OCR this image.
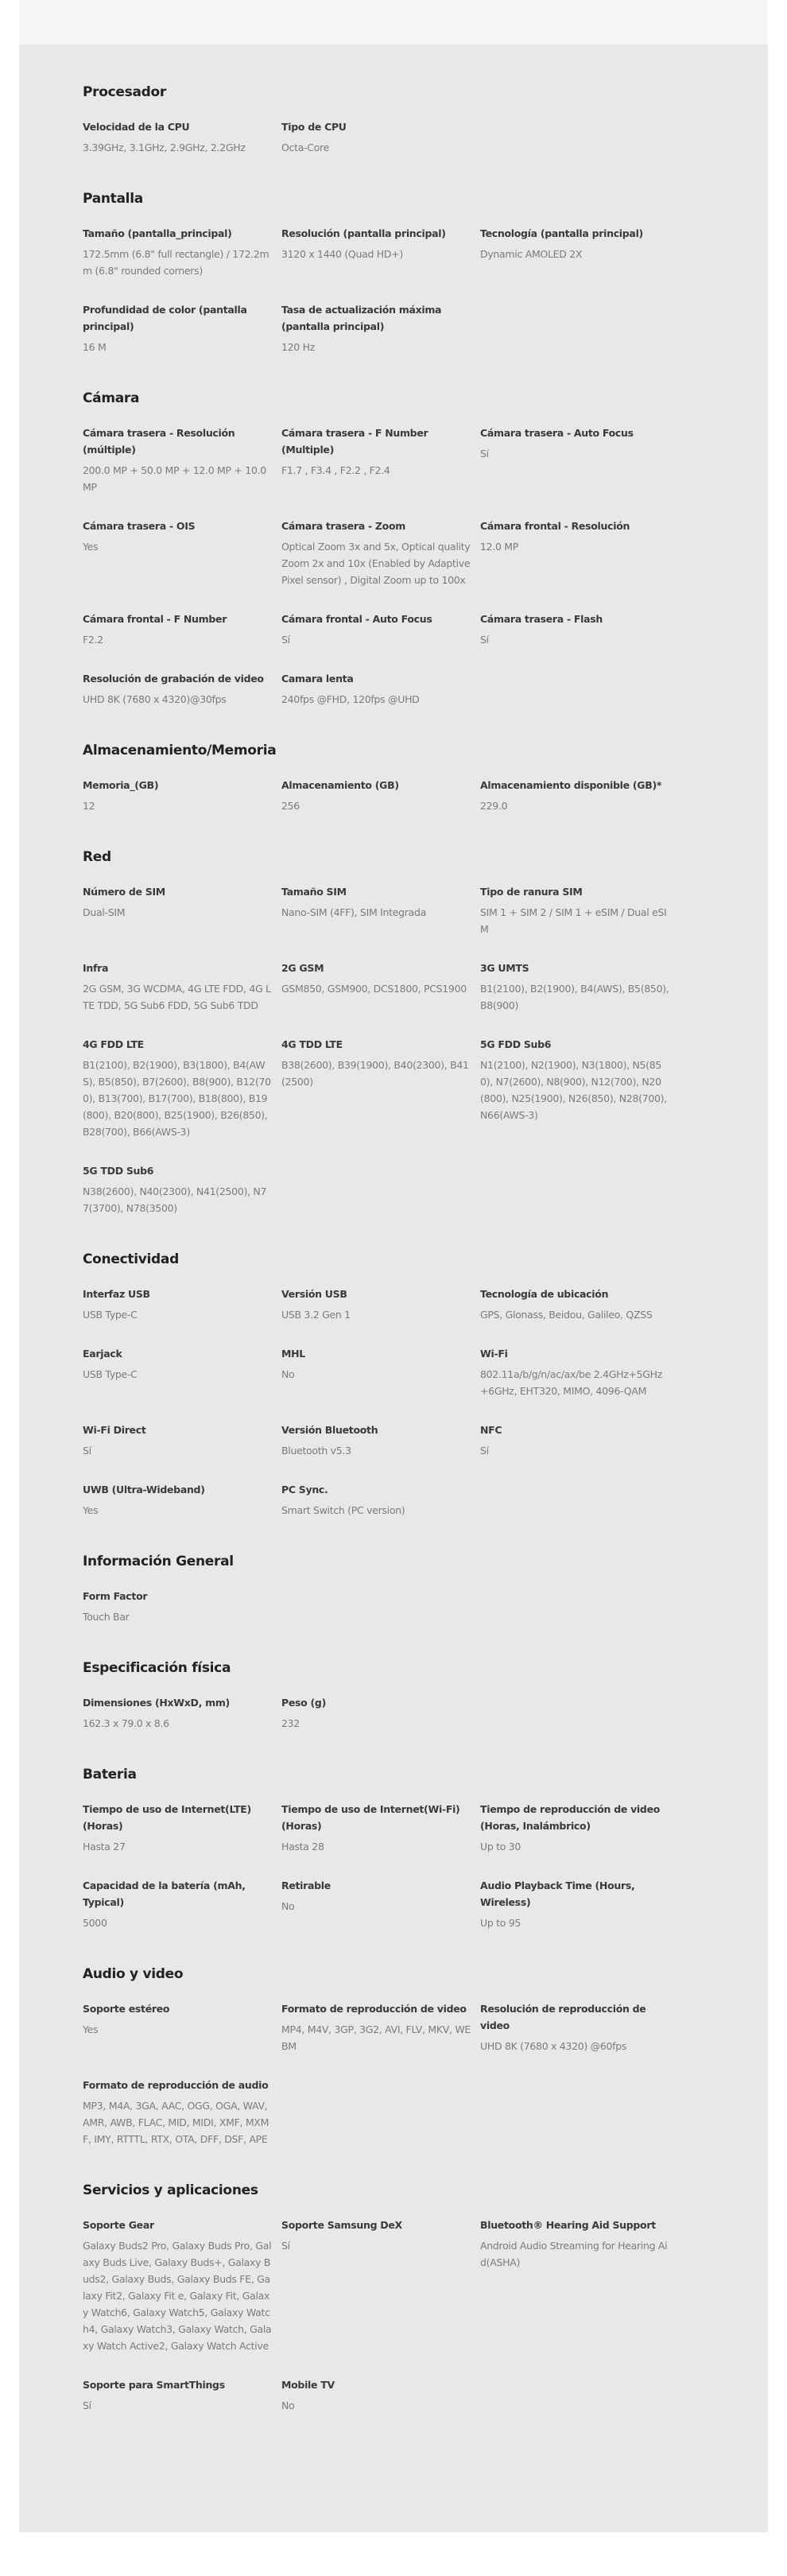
Procesador
Velocidad de la CPU
3.39GHz, 3.1GHz, 2.9GHz, 2.2GHz
Tipo de CPU
Octa-Core
Pantalla
Tamaño (pantalla_principal)
172.5mm (6.8" full rectangle) / 172.2mm (6.8" rounded corners)
Resolución (pantalla principal)
3120 x 1440 (Quad HD+)
Tecnología (pantalla principal)
Dynamic AMOLED 2X
Profundidad de color (pantalla principal)
16 M
Tasa de actualización máxima (pantalla principal)
120 Hz
Cámara
Cámara trasera - Resolución (múltiple)
200.0 MP + 50.0 MP + 12.0 MP + 10.0 MP
Cámara trasera - F Number (Multiple)
F1.7 , F3.4 , F2.2 , F2.4
Cámara trasera - Auto Focus
Sí
Cámara trasera - OIS
Yes
Cámara trasera - Zoom
Optical Zoom 3x and 5x, Optical quality Zoom 2x and 10x (Enabled by Adaptive Pixel sensor) , Digital Zoom up to 100x
Cámara frontal - Resolución
12.0 MP
Cámara frontal - F Number
F2.2
Cámara frontal - Auto Focus
Sí
Cámara trasera - Flash
Sí
Resolución de grabación de video
UHD 8K (7680 x 4320)@30fps
Camara lenta
240fps @FHD, 120fps @UHD
Almacenamiento/Memoria
Memoria_(GB)
12
Almacenamiento (GB)
256
Almacenamiento disponible (GB)*
229.0
Red
Número de SIM
Dual-SIM
Tamaño SIM
Nano-SIM (4FF), SIM Integrada
Tipo de ranura SIM
SIM 1 + SIM 2 / SIM 1 + eSIM / Dual eSIM
Infra
2G GSM, 3G WCDMA, 4G LTE FDD, 4G LTE TDD, 5G Sub6 FDD, 5G Sub6 TDD
2G GSM
GSM850, GSM900, DCS1800, PCS1900
3G UMTS
B1(2100), B2(1900), B4(AWS), B5(850), B8(900)
4G FDD LTE
B1(2100), B2(1900), B3(1800), B4(AWS), B5(850), B7(2600), B8(900), B12(700), B13(700), B17(700), B18(800), B19(800), B20(800), B25(1900), B26(850), B28(700), B66(AWS-3)
4G TDD LTE
B38(2600), B39(1900), B40(2300), B41(2500)
5G FDD Sub6
N1(2100), N2(1900), N3(1800), N5(850), N7(2600), N8(900), N12(700), N20(800), N25(1900), N26(850), N28(700), N66(AWS-3)
5G TDD Sub6
N38(2600), N40(2300), N41(2500), N77(3700), N78(3500)
Conectividad
Interfaz USB
USB Type-C
Versión USB
USB 3.2 Gen 1
Tecnología de ubicación
GPS, Glonass, Beidou, Galileo, QZSS
Earjack
USB Type-C
MHL
No
Wi-Fi
802.11a/b/g/n/ac/ax/be 2.4GHz+5GHz+6GHz, EHT320, MIMO, 4096-QAM
Wi-Fi Direct
Sí
Versión Bluetooth
Bluetooth v5.3
NFC
Sí
UWB (Ultra-Wideband)
Yes
PC Sync.
Smart Switch (PC version)
Información General
Form Factor
Touch Bar
Especificación física
Dimensiones (HxWxD, mm)
162.3 x 79.0 x 8.6
Peso (g)
232
Bateria
Tiempo de uso de Internet(LTE) (Horas)
Hasta 27
Tiempo de uso de Internet(Wi-Fi) (Horas)
Hasta 28
Tiempo de reproducción de video (Horas, Inalámbrico)
Up to 30
Capacidad de la batería (mAh, Typical)
5000
Retirable
No
Audio Playback Time (Hours, Wireless)
Up to 95
Audio y video
Soporte estéreo
Yes
Formato de reproducción de video
MP4, M4V, 3GP, 3G2, AVI, FLV, MKV, WEBM
Resolución de reproducción de video
UHD 8K (7680 x 4320) @60fps
Formato de reproducción de audio
MP3, M4A, 3GA, AAC, OGG, OGA, WAV, AMR, AWB, FLAC, MID, MIDI, XMF, MXMF, IMY, RTTTL, RTX, OTA, DFF, DSF, APE
Servicios y aplicaciones
Soporte Gear
Galaxy Buds2 Pro, Galaxy Buds Pro, Galaxy Buds Live, Galaxy Buds+, Galaxy Buds2, Galaxy Buds, Galaxy Buds FE, Galaxy Fit2, Galaxy Fit e, Galaxy Fit, Galaxy Watch6, Galaxy Watch5, Galaxy Watch4, Galaxy Watch3, Galaxy Watch, Galaxy Watch Active2, Galaxy Watch Active
Soporte Samsung DeX
Sí
Bluetooth® Hearing Aid Support
Android Audio Streaming for Hearing Aid(ASHA)
Soporte para SmartThings
Sí
Mobile TV
No
